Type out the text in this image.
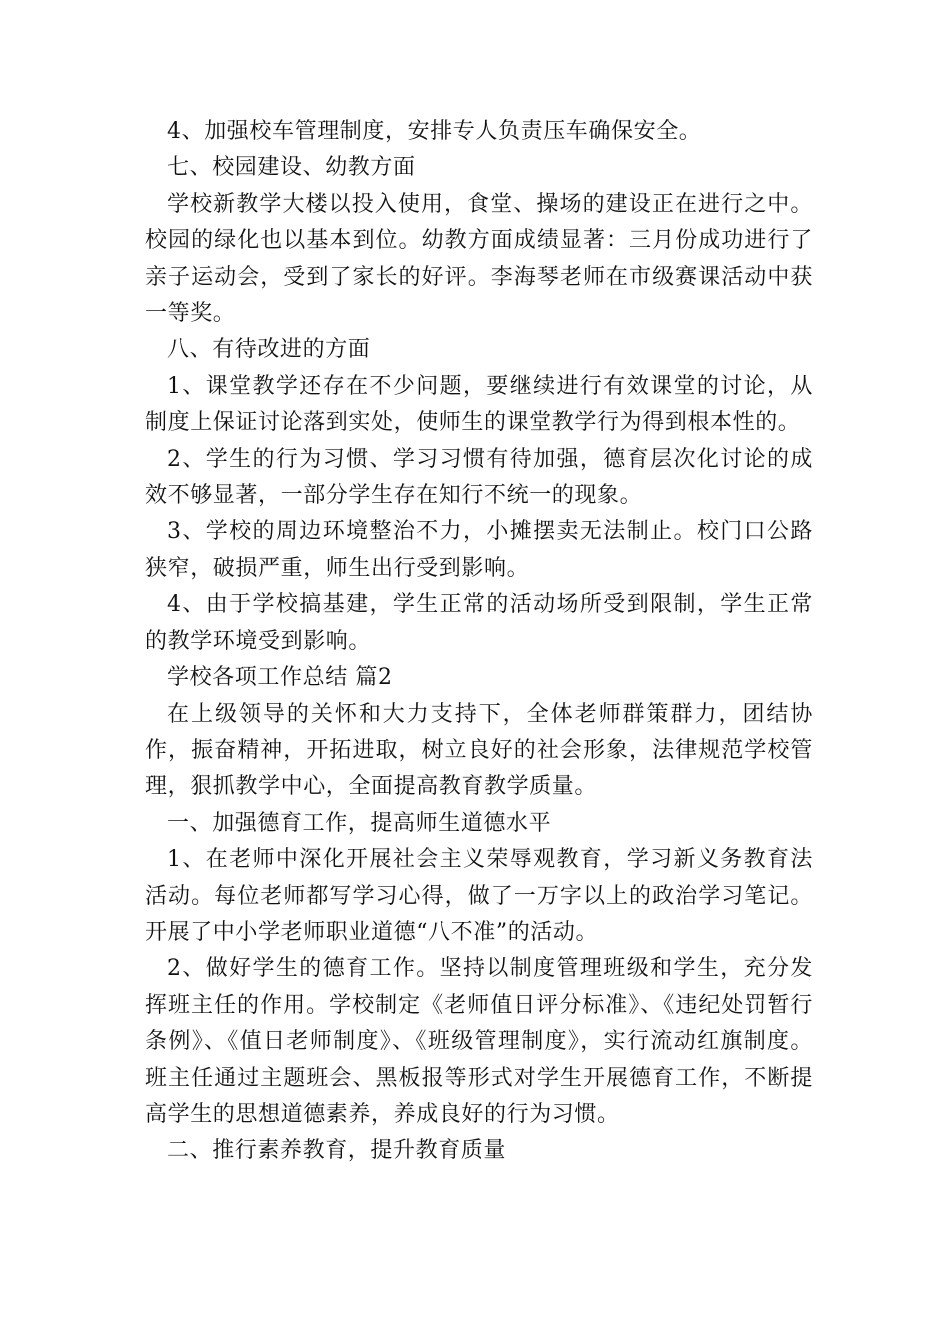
4、加强校车管理制度，安排专人负责压车确保安全。

七、校园建设、幼教方面

学校新教学大楼以投入使用，食堂、操场的建设正在进行之中。校园的绿化也以基本到位。幼教方面成绩显著：三月份成功进行了亲子运动会，受到了家长的好评。李海琴老师在市级赛课活动中获一等奖。

八、有待改进的方面

1、课堂教学还存在不少问题，要继续进行有效课堂的讨论，从制度上保证讨论落到实处，使师生的课堂教学行为得到根本性的。

2、学生的行为习惯、学习习惯有待加强，德育层次化讨论的成效不够显著，一部分学生存在知行不统一的现象。

3、学校的周边环境整治不力，小摊摆卖无法制止。校门口公路狭窄，破损严重，师生出行受到影响。

4、由于学校搞基建，学生正常的活动场所受到限制，学生正常的教学环境受到影响。

学校各项工作总结 篇2

在上级领导的关怀和大力支持下，全体老师群策群力，团结协作，振奋精神，开拓进取，树立良好的社会形象，法律规范学校管理，狠抓教学中心，全面提高教育教学质量。

一、加强德育工作，提高师生道德水平

1、在老师中深化开展社会主义荣辱观教育，学习新义务教育法活动。每位老师都写学习心得，做了一万字以上的政治学习笔记。开展了中小学老师职业道德“八不准”的活动。

2、做好学生的德育工作。坚持以制度管理班级和学生，充分发挥班主任的作用。学校制定《老师值日评分标准》、《违纪处罚暂行条例》、《值日老师制度》、《班级管理制度》，实行流动红旗制度。班主任通过主题班会、黑板报等形式对学生开展德育工作，不断提高学生的思想道德素养，养成良好的行为习惯。

二、推行素养教育，提升教育质量
